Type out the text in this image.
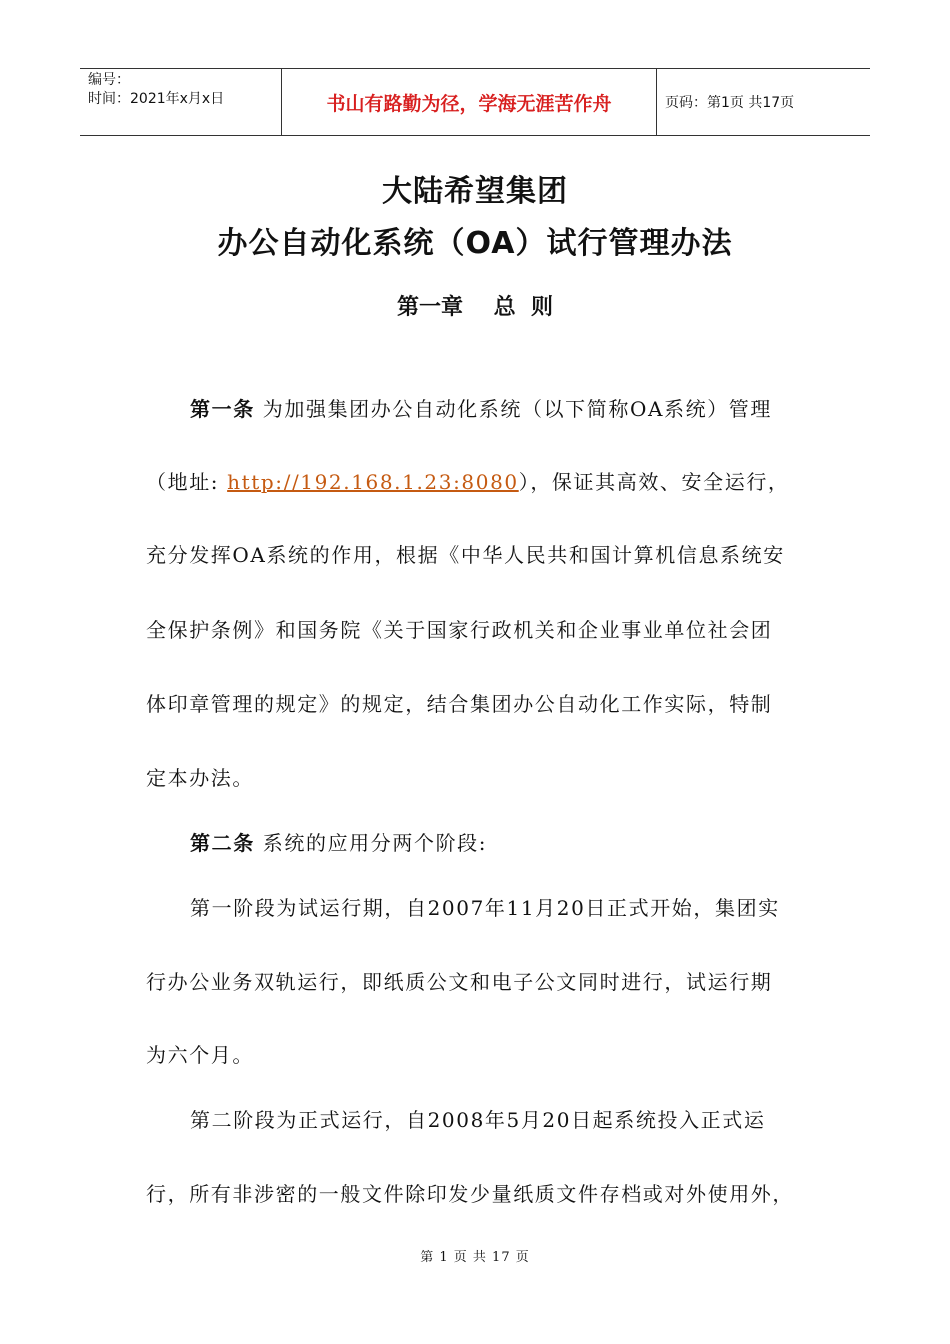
编号：
时间：2021年x月x日	书山有路勤为径，学海无涯苦作舟	页码：第1页 共17页
大陆希望集团
办公自动化系统（OA）试行管理办法
第一章    总  则
第一条 为加强集团办公自动化系统（以下简称OA系统）管理
（地址: http://192.168.1.23:8080），保证其高效、安全运行，
充分发挥OA系统的作用，根据《中华人民共和国计算机信息系统安
全保护条例》和国务院《关于国家行政机关和企业事业单位社会团
体印章管理的规定》的规定，结合集团办公自动化工作实际，特制
定本办法。
第二条 系统的应用分两个阶段:
第一阶段为试运行期，自2007年11月20日正式开始，集团实
行办公业务双轨运行，即纸质公文和电子公文同时进行，试运行期
为六个月。
第二阶段为正式运行，自2008年5月20日起系统投入正式运
行，所有非涉密的一般文件除印发少量纸质文件存档或对外使用外，
第 1 页 共 17 页
